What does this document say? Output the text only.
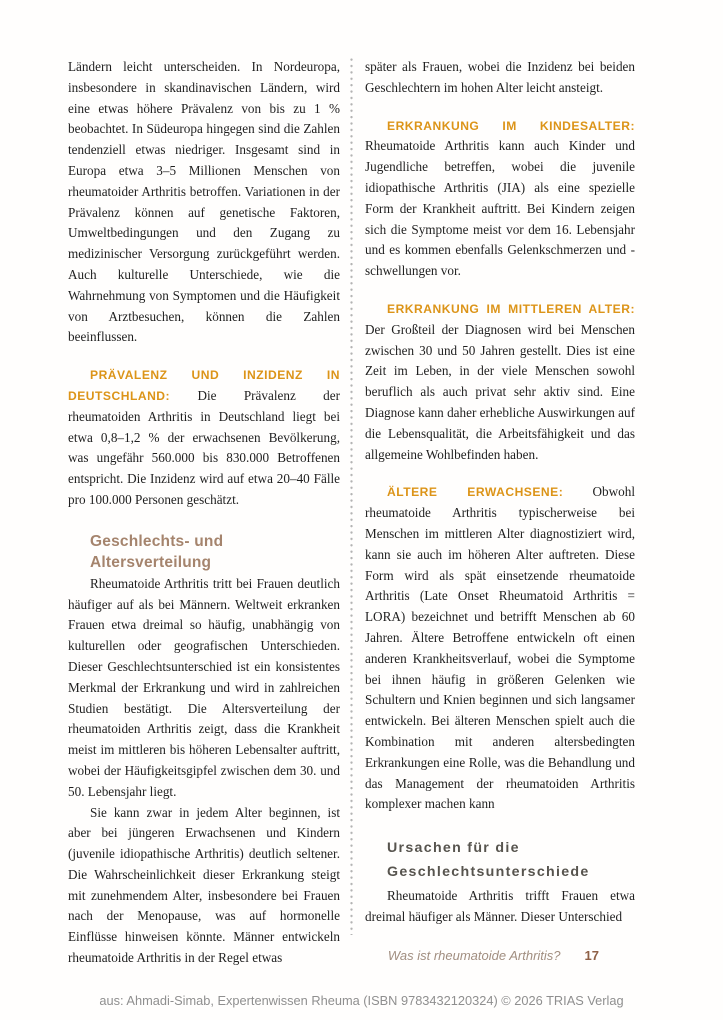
Ländern leicht unterscheiden. In Nordeuropa, insbesondere in skandinavischen Ländern, wird eine etwas höhere Prävalenz von bis zu 1 % beobachtet. In Südeuropa hingegen sind die Zahlen tendenziell etwas niedriger. Insgesamt sind in Europa etwa 3–5 Millionen Menschen von rheumatoider Arthritis betroffen. Variationen in der Prävalenz können auf genetische Faktoren, Umweltbedingungen und den Zugang zu medizinischer Versorgung zurückgeführt werden. Auch kulturelle Unterschiede, wie die Wahrnehmung von Symptomen und die Häufigkeit von Arztbesuchen, können die Zahlen beeinflussen.

PRÄVALENZ UND INZIDENZ IN DEUTSCHLAND: Die Prävalenz der rheumatoiden Arthritis in Deutschland liegt bei etwa 0,8–1,2 % der erwachsenen Bevölkerung, was ungefähr 560.000 bis 830.000 Betroffenen entspricht. Die Inzidenz wird auf etwa 20–40 Fälle pro 100.000 Personen geschätzt.

Geschlechts- und Altersverteilung

Rheumatoide Arthritis tritt bei Frauen deutlich häufiger auf als bei Männern. Weltweit erkranken Frauen etwa dreimal so häufig, unabhängig von kulturellen oder geografischen Unterschieden. Dieser Geschlechtsunterschied ist ein konsistentes Merkmal der Erkrankung und wird in zahlreichen Studien bestätigt. Die Altersverteilung der rheumatoiden Arthritis zeigt, dass die Krankheit meist im mittleren bis höheren Lebensalter auftritt, wobei der Häufigkeitsgipfel zwischen dem 30. und 50. Lebensjahr liegt.

Sie kann zwar in jedem Alter beginnen, ist aber bei jüngeren Erwachsenen und Kindern (juvenile idiopathische Arthritis) deutlich seltener. Die Wahrscheinlichkeit dieser Erkrankung steigt mit zunehmendem Alter, insbesondere bei Frauen nach der Menopause, was auf hormonelle Einflüsse hinweisen könnte. Männer entwickeln rheumatoide Arthritis in der Regel etwas

später als Frauen, wobei die Inzidenz bei beiden Geschlechtern im hohen Alter leicht ansteigt.

ERKRANKUNG IM KINDESALTER: Rheumatoide Arthritis kann auch Kinder und Jugendliche betreffen, wobei die juvenile idiopathische Arthritis (JIA) als eine spezielle Form der Krankheit auftritt. Bei Kindern zeigen sich die Symptome meist vor dem 16. Lebensjahr und es kommen ebenfalls Gelenkschmerzen und -schwellungen vor.

ERKRANKUNG IM MITTLEREN ALTER: Der Großteil der Diagnosen wird bei Menschen zwischen 30 und 50 Jahren gestellt. Dies ist eine Zeit im Leben, in der viele Menschen sowohl beruflich als auch privat sehr aktiv sind. Eine Diagnose kann daher erhebliche Auswirkungen auf die Lebensqualität, die Arbeitsfähigkeit und das allgemeine Wohlbefinden haben.

ÄLTERE ERWACHSENE: Obwohl rheumatoide Arthritis typischerweise bei Menschen im mittleren Alter diagnostiziert wird, kann sie auch im höheren Alter auftreten. Diese Form wird als spät einsetzende rheumatoide Arthritis (Late Onset Rheumatoid Arthritis = LORA) bezeichnet und betrifft Menschen ab 60 Jahren. Ältere Betroffene entwickeln oft einen anderen Krankheitsverlauf, wobei die Symptome bei ihnen häufig in größeren Gelenken wie Schultern und Knien beginnen und sich langsamer entwickeln. Bei älteren Menschen spielt auch die Kombination mit anderen altersbedingten Erkrankungen eine Rolle, was die Behandlung und das Management der rheumatoiden Arthritis komplexer machen kann

Ursachen für die Geschlechtsunterschiede

Rheumatoide Arthritis trifft Frauen etwa dreimal häufiger als Männer. Dieser Unterschied

Was ist rheumatoide Arthritis? 17
aus: Ahmadi-Simab, Expertenwissen Rheuma (ISBN 9783432120324) © 2026 TRIAS Verlag
